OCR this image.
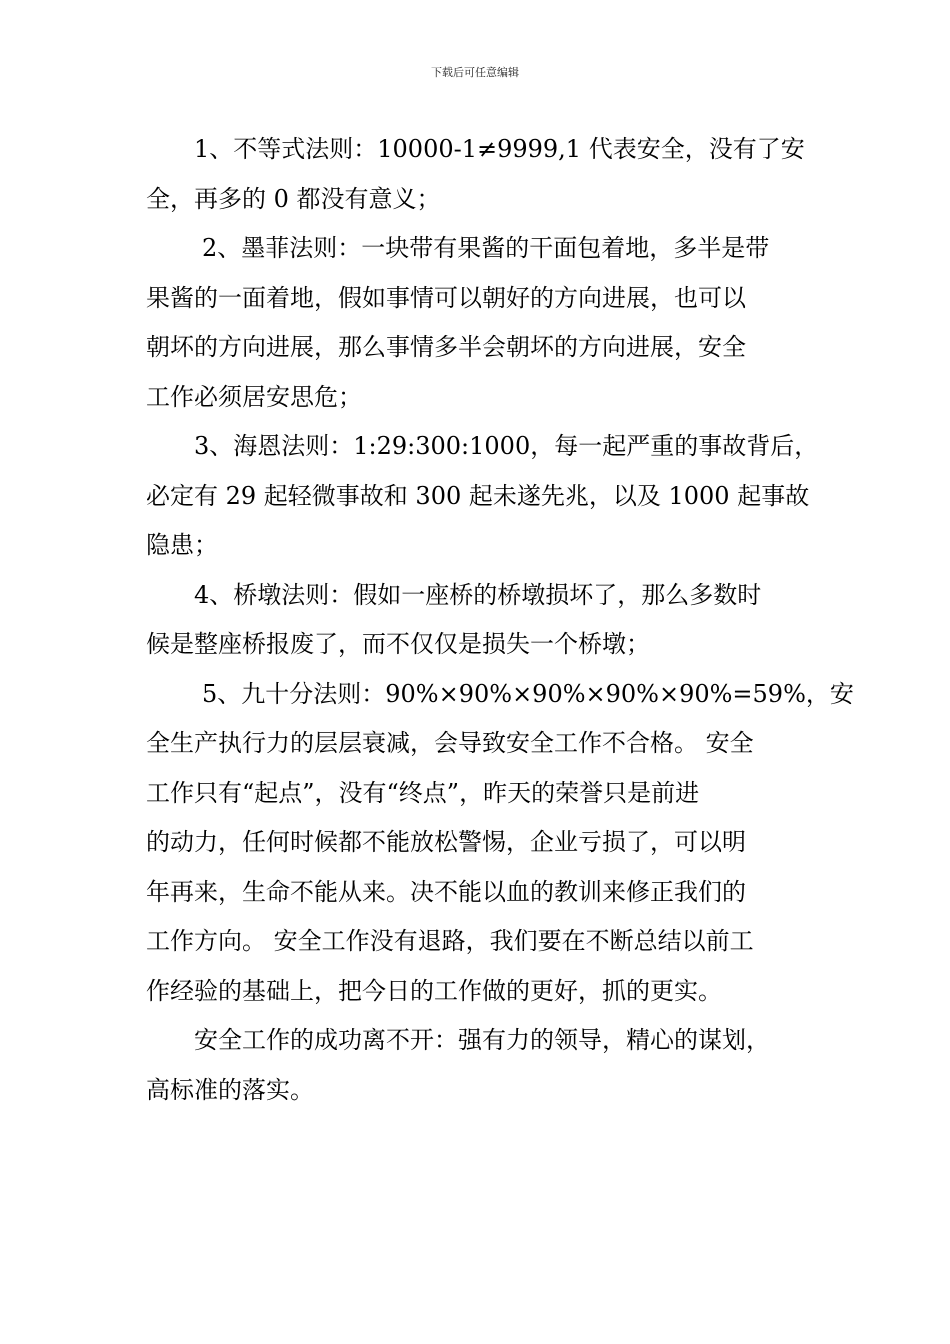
下载后可任意编辑
1、不等式法则：10000-1≠9999,1 代表安全，没有了安
全，再多的 0 都没有意义；
2、墨菲法则：一块带有果酱的干面包着地，多半是带
果酱的一面着地，假如事情可以朝好的方向进展，也可以
朝坏的方向进展，那么事情多半会朝坏的方向进展，安全
工作必须居安思危；
3、海恩法则：1:29:300:1000，每一起严重的事故背后，
必定有 29 起轻微事故和 300 起未遂先兆，以及 1000 起事故
隐患；
4、桥墩法则：假如一座桥的桥墩损坏了，那么多数时
候是整座桥报废了，而不仅仅是损失一个桥墩；
5、九十分法则：90%×90%×90%×90%×90%=59%，安
全生产执行力的层层衰减，会导致安全工作不合格。 安全
工作只有“起点”，没有“终点”，昨天的荣誉只是前进
的动力，任何时候都不能放松警惕，企业亏损了，可以明
年再来，生命不能从来。决不能以血的教训来修正我们的
工作方向。 安全工作没有退路，我们要在不断总结以前工
作经验的基础上，把今日的工作做的更好，抓的更实。
安全工作的成功离不开：强有力的领导，精心的谋划，
高标准的落实。
